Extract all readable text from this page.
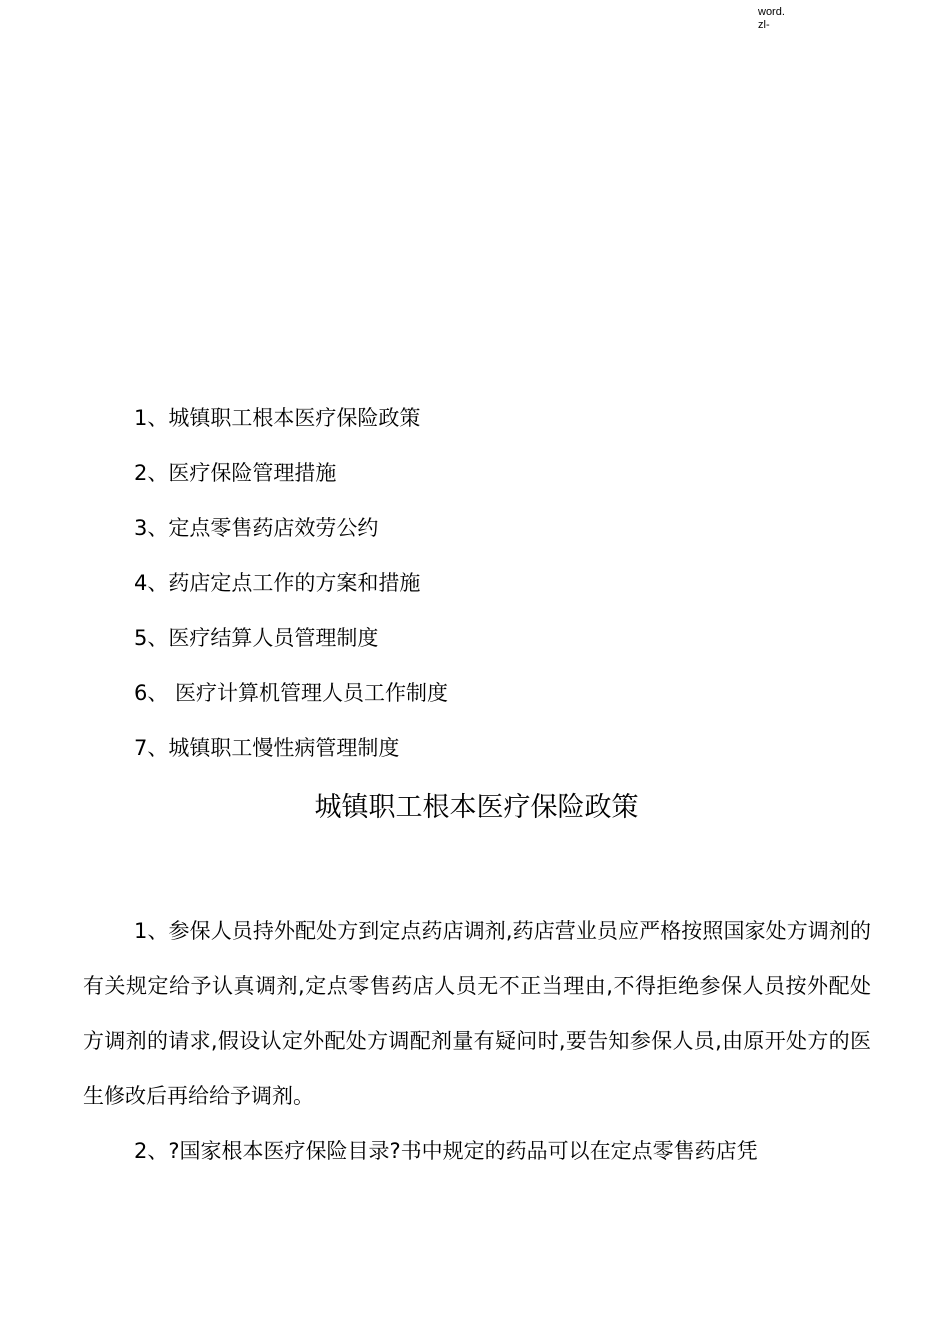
word.
zl-
1、城镇职工根本医疗保险政策
2、医疗保险管理措施
3、定点零售药店效劳公约
4、药店定点工作的方案和措施
5、医疗结算人员管理制度
6、 医疗计算机管理人员工作制度
7、城镇职工慢性病管理制度
城镇职工根本医疗保险政策

1、参保人员持外配处方到定点药店调剂,药店营业员应严格按照国家处方调剂的有关规定给予认真调剂,定点零售药店人员无不正当理由,不得拒绝参保人员按外配处方调剂的请求,假设认定外配处方调配剂量有疑问时,要告知参保人员,由原开处方的医生修改后再给给予调剂。

2、?国家根本医疗保险目录?书中规定的药品可以在定点零售药店凭
